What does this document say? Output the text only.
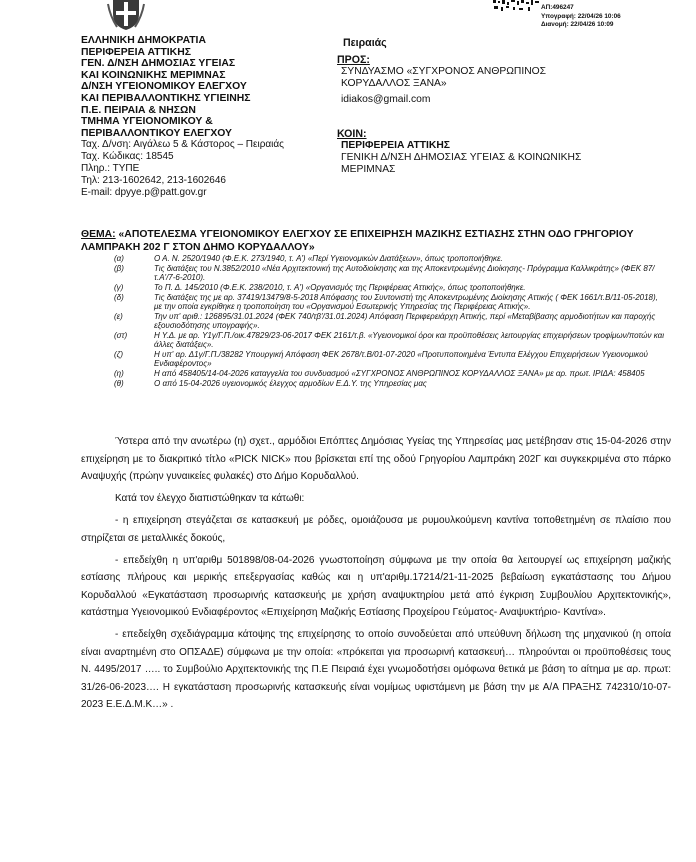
ΑΠ:496247
Υπογραφή: 22/04/26 10:06
Διανομή: 22/04/26 10:09
ΕΛΛΗΝΙΚΗ ΔΗΜΟΚΡΑΤΙΑ
ΠΕΡΙΦΕΡΕΙΑ ΑΤΤΙΚΗΣ
ΓΕΝ. Δ/ΝΣΗ ΔΗΜΟΣΙΑΣ ΥΓΕΙΑΣ
ΚΑΙ ΚΟΙΝΩΝΙΚΗΣ ΜΕΡΙΜΝΑΣ
Δ/ΝΣΗ ΥΓΕΙΟΝΟΜΙΚΟΥ ΕΛΕΓΧΟΥ
ΚΑΙ ΠΕΡΙΒΑΛΛΟΝΤΙΚΗΣ ΥΓΙΕΙΝΗΣ
Π.Ε. ΠΕΙΡΑΙΑ & ΝΗΣΩΝ
ΤΜΗΜΑ ΥΓΕΙΟΝΟΜΙΚΟΥ &
ΠΕΡΙΒΑΛΛΟΝΤΙΚΟΥ ΕΛΕΓΧΟΥ
Ταχ. Δ/νση: Αιγάλεω 5 & Κάστορος – Πειραιάς
Ταχ. Κώδικας: 18545
Πληρ.: ΤΥΠΕ
Τηλ: 213-1602642, 213-1602646
E-mail: dpyye.p@patt.gov.gr
Πειραιάς
ΠΡΟΣ:
ΣΥΝΔΥΑΣΜΟ «ΣΥΓΧΡΟΝΟΣ ΑΝΘΡΩΠΙΝΟΣ
ΚΟΡΥΔΑΛΛΟΣ ΞΑΝΑ»
idiakos@gmail.com
ΚΟΙΝ:
ΠΕΡΙΦΕΡΕΙΑ ΑΤΤΙΚΗΣ
ΓΕΝΙΚΗ Δ/ΝΣΗ ΔΗΜΟΣΙΑΣ ΥΓΕΙΑΣ & ΚΟΙΝΩΝΙΚΗΣ
ΜΕΡΙΜΝΑΣ
ΘΕΜΑ: «ΑΠΟΤΕΛΕΣΜΑ ΥΓΕΙΟΝΟΜΙΚΟΥ ΕΛΕΓΧΟΥ ΣΕ ΕΠΙΧΕΙΡΗΣΗ ΜΑΖΙΚΗΣ ΕΣΤΙΑΣΗΣ ΣΤΗΝ ΟΔΟ ΓΡΗΓΟΡΙΟΥ ΛΑΜΠΡΑΚΗ 202 Γ ΣΤΟΝ ΔΗΜΟ ΚΟΡΥΔΑΛΛΟΥ»
(α)	Ο Α. Ν. 2520/1940 (Φ.Ε.Κ. 273/1940, τ. Α') «Περί Υγειονομικών Διατάξεων», όπως τροποποιήθηκε.
(β)	Τις διατάξεις του Ν.3852/2010 «Νέα Αρχιτεκτονική της Αυτοδιοίκησης και της Αποκεντρωμένης Διοίκησης- Πρόγραμμα Καλλικράτης» (ΦΕΚ 87/τ.Α'/7-6-2010).
(γ)	Το Π. Δ. 145/2010 (Φ.Ε.Κ. 238/2010, τ. Α') «Οργανισμός της Περιφέρειας Αττικής», όπως τροποποιήθηκε.
(δ)	Τις διατάξεις της με αρ. 37419/13479/8-5-2018 Απόφασης του Συντονιστή της Αποκεντρωμένης Διοίκησης Αττικής ( ΦΕΚ 1661/τ.Β/11-05-2018), με την οποία εγκρίθηκε η τροποποίηση του «Οργανισμού Εσωτερικής Υπηρεσίας της Περιφέρειας Αττικής».
(ε)	Την υπ' αριθ.: 126895/31.01.2024 (ΦΕΚ 740/τβ'/31.01.2024) Απόφαση Περιφερειάρχη Αττικής, περί «Μεταβίβασης αρμοδιοτήτων και παροχής εξουσιοδότησης υπογραφής».
(στ)	Η Υ.Δ. με αρ. Υ1γ/Γ.Π./οικ.47829/23-06-2017 ΦΕΚ 2161/τ.β. «Υγειονομικοί όροι και προϋποθέσεις λειτουργίας επιχειρήσεων τροφίμων/ποτών και άλλες διατάξεις».
(ζ)	Η υπ' αρ. Δ1γ/Γ.Π./38282 Υπουργική Απόφαση ΦΕΚ 2678/τ.Β/01-07-2020 «Προτυποποιημένα Έντυπα Ελέγχου Επιχειρήσεων Υγειονομικού Ενδιαφέροντος»
(η)	Η από 458405/14-04-2026 καταγγελία του συνδυασμού «ΣΥΓΧΡΟΝΟΣ ΑΝΘΡΩΠΙΝΟΣ ΚΟΡΥΔΑΛΛΟΣ ΞΑΝΑ» με αρ. πρωτ. ΙΡΙΔΑ: 458405
(θ)	Ο από 15-04-2026 υγειονομικός έλεγχος αρμοδίων Ε.Δ.Υ. της Υπηρεσίας μας

Ύστερα από την ανωτέρω (η) σχετ., αρμόδιοι Επόπτες Δημόσιας Υγείας της Υπηρεσίας μας μετέβησαν στις 15-04-2026 στην επιχείρηση με το διακριτικό τίτλο «PICK NICK» που βρίσκεται επί της οδού Γρηγορίου Λαμπράκη 202Γ και συγκεκριμένα στο πάρκο Αναψυχής (πρώην γυναικείες φυλακές) στο Δήμο Κορυδαλλού.

Κατά τον έλεγχο διαπιστώθηκαν τα κάτωθι:

- η επιχείρηση στεγάζεται σε κατασκευή με ρόδες, ομοιάζουσα με ρυμουλκούμενη καντίνα τοποθετημένη σε πλαίσιο που στηρίζεται σε μεταλλικές δοκούς,

- επεδείχθη η υπ'αριθμ 501898/08-04-2026 γνωστοποίηση σύμφωνα με την οποία θα λειτουργεί ως επιχείρηση μαζικής εστίασης πλήρους και μερικής επεξεργασίας καθώς και η υπ'αριθμ.17214/21-11-2025 βεβαίωση εγκατάστασης του Δήμου Κορυδαλλού «Εγκατάσταση προσωρινής κατασκευής με χρήση αναψυκτηρίου μετά από έγκριση Συμβουλίου Αρχιτεκτονικής», κατάστημα Υγειονομικού Ενδιαφέροντος «Επιχείρηση Μαζικής Εστίασης Προχείρου Γεύματος- Αναψυκτήριο- Καντίνα».

- επεδείχθη σχεδιάγραμμα κάτοψης της επιχείρησης το οποίο συνοδεύεται από υπεύθυνη δήλωση της μηχανικού (η οποία είναι αναρτημένη στο ΟΠΣΑΔΕ) σύμφωνα με την οποία: «πρόκειται για προσωρινή κατασκευή… πληρούνται οι προϋποθέσεις τους Ν. 4495/2017 ….. το Συμβούλιο Αρχιτεκτονικής της Π.Ε Πειραιά έχει γνωμοδοτήσει ομόφωνα θετικά με βάση το αίτημα με αρ. πρωτ: 31/26-06-2023…. Η εγκατάσταση προσωρινής κατασκευής είναι νομίμως υφιστάμενη με βάση την με Α/Α ΠΡΑΞΗΣ 742310/10-07-2023 Ε.Ε.Δ.Μ.Κ…» .
